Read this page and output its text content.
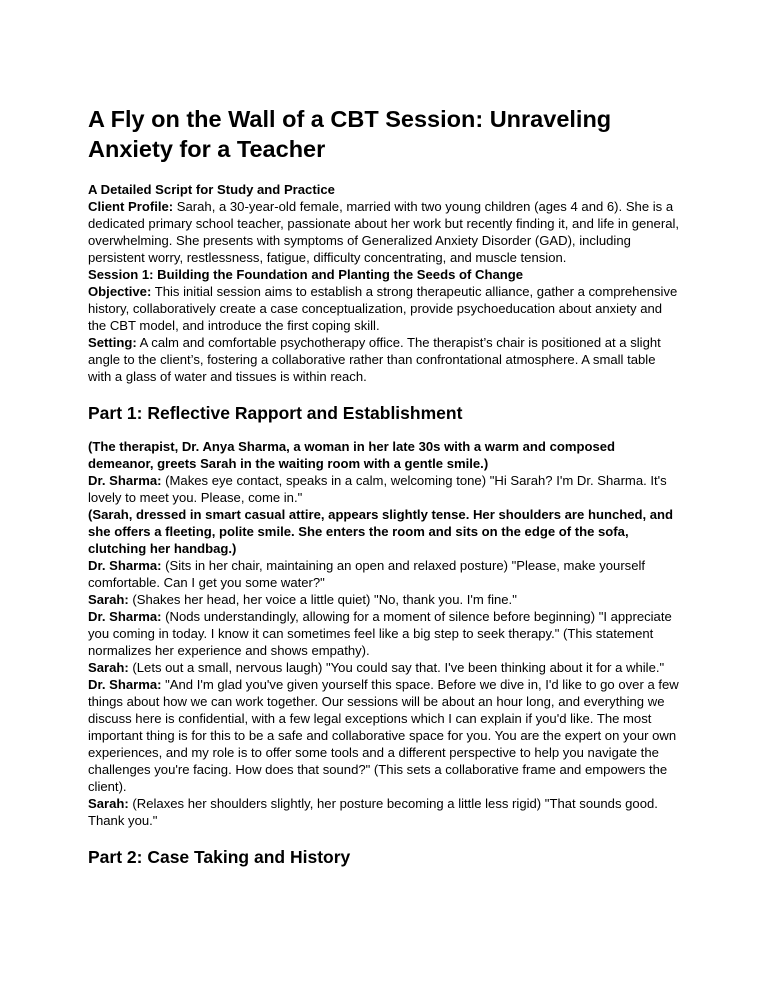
A Fly on the Wall of a CBT Session: Unraveling Anxiety for a Teacher

A Detailed Script for Study and Practice

Client Profile: Sarah, a 30-year-old female, married with two young children (ages 4 and 6). She is a dedicated primary school teacher, passionate about her work but recently finding it, and life in general, overwhelming. She presents with symptoms of Generalized Anxiety Disorder (GAD), including persistent worry, restlessness, fatigue, difficulty concentrating, and muscle tension.

Session 1: Building the Foundation and Planting the Seeds of Change

Objective: This initial session aims to establish a strong therapeutic alliance, gather a comprehensive history, collaboratively create a case conceptualization, provide psychoeducation about anxiety and the CBT model, and introduce the first coping skill.

Setting: A calm and comfortable psychotherapy office. The therapist’s chair is positioned at a slight angle to the client’s, fostering a collaborative rather than confrontational atmosphere. A small table with a glass of water and tissues is within reach.

Part 1: Reflective Rapport and Establishment

(The therapist, Dr. Anya Sharma, a woman in her late 30s with a warm and composed demeanor, greets Sarah in the waiting room with a gentle smile.)

Dr. Sharma: (Makes eye contact, speaks in a calm, welcoming tone) "Hi Sarah? I'm Dr. Sharma. It's lovely to meet you. Please, come in."

(Sarah, dressed in smart casual attire, appears slightly tense. Her shoulders are hunched, and she offers a fleeting, polite smile. She enters the room and sits on the edge of the sofa, clutching her handbag.)

Dr. Sharma: (Sits in her chair, maintaining an open and relaxed posture) "Please, make yourself comfortable. Can I get you some water?"

Sarah: (Shakes her head, her voice a little quiet) "No, thank you. I'm fine."

Dr. Sharma: (Nods understandingly, allowing for a moment of silence before beginning) "I appreciate you coming in today. I know it can sometimes feel like a big step to seek therapy." (This statement normalizes her experience and shows empathy).

Sarah: (Lets out a small, nervous laugh) "You could say that. I've been thinking about it for a while."

Dr. Sharma: "And I'm glad you've given yourself this space. Before we dive in, I'd like to go over a few things about how we can work together. Our sessions will be about an hour long, and everything we discuss here is confidential, with a few legal exceptions which I can explain if you'd like. The most important thing is for this to be a safe and collaborative space for you. You are the expert on your own experiences, and my role is to offer some tools and a different perspective to help you navigate the challenges you're facing. How does that sound?" (This sets a collaborative frame and empowers the client).

Sarah: (Relaxes her shoulders slightly, her posture becoming a little less rigid) "That sounds good. Thank you."

Part 2: Case Taking and History
